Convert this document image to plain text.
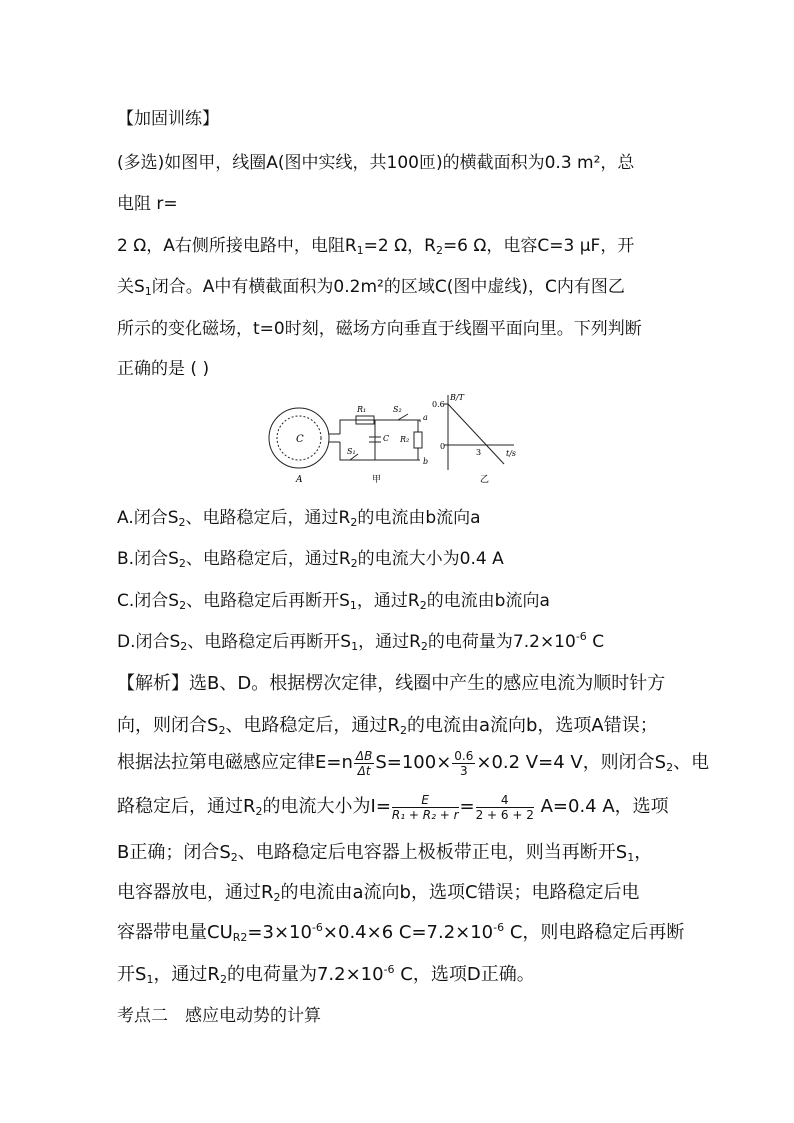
【加固训练】
(多选)如图甲，线圈A(图中实线，共100匝)的横截面积为0.3 m²，总
电阻 r=
2 Ω，A右侧所接电路中，电阻$R_1=2$ Ω，$R_2=6$ Ω，电容C=3 μF，开
关$S_1$闭合。A中有横截面积为0.2m²的区域C(图中虚线)，C内有图乙
所示的变化磁场，t=0时刻，磁场方向垂直于线圈平面向里。下列判断
正确的是 ( )
C
A
R₁
C R₂
S₂
S₁
a
b
甲	乙
B/T
t/s
0.6
3
0
A.闭合$S_2$、电路稳定后，通过$R_2$的电流由b流向a
B.闭合$S_2$、电路稳定后，通过$R_2$的电流大小为0.4 A
C.闭合$S_2$、电路稳定后再断开$S_1$，通过$R_2$的电流由b流向a
D.闭合$S_2$、电路稳定后再断开$S_1$，通过$R_2$的电荷量为$7.2\times 10^{-6}$ C
【解析】选B、D。根据楞次定律，线圈中产生的感应电流为顺时针方
向，则闭合$S_2$、电路稳定后，通过$R_2$的电流由a流向b，选项A错误；
根据法拉第电磁感应定律$E=n \frac{\Delta B}{\Delta t} S=100\times \frac{0.6}{3} \times 0.2$ V=4 V，则闭合$S_2$、电
路稳定后，通过$R_2$的电流大小为$I= \frac{E}{\text{R₁ + R₂ + r}} = \frac{4}{2 + 6 + 2} A=0.4$ A，选项
B正确；闭合$S_2$、电路稳定后电容器上极板带正电，则当再断开$S_1$，
电容器放电，通过$R_2$的电流由a流向b，选项C错误；电路稳定后电
容器带电量$CU_{R2}=3\times 10^{-6}\times 0.4\times 6$ $C=7.2\times 10^{-6}$ C，则电路稳定后再断
开$S_1$，通过$R_2$的电荷量为$7.2\times 10^{-6}$ C，选项D正确。
考点二　感应电动势的计算
